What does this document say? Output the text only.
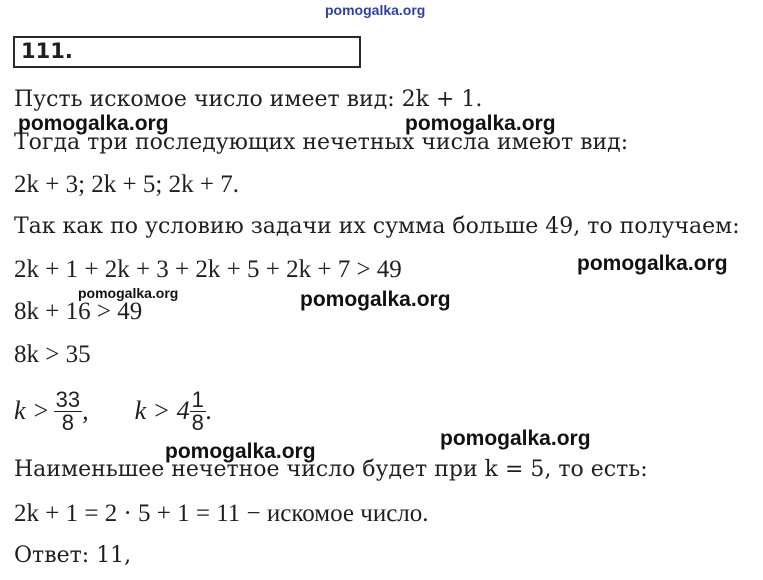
pomogalka.org
111.
Пусть искомое число имеет вид: 2k + 1.
pomogalka.org	pomogalka.org
Тогда три последующих нечетных числа имеют вид:
2k + 3; 2k + 5; 2k + 7.
Так как по условию задачи их сумма больше 49, то получаем:
2k + 1 + 2k + 3 + 2k + 5 + 2k + 7 > 49	pomogalka.org
pomogalka.org	pomogalka.org
8k + 16 > 49
8k > 35
$k > \frac{33}{8}$ , $k > 4 \frac{1}{8}$ .
pomogalka.org
pomogalka.org
Наименьшее нечетное число будет при k = 5, то есть:
2k + 1 = 2 · 5 + 1 = 11 − искомое число.
Ответ: 11,
